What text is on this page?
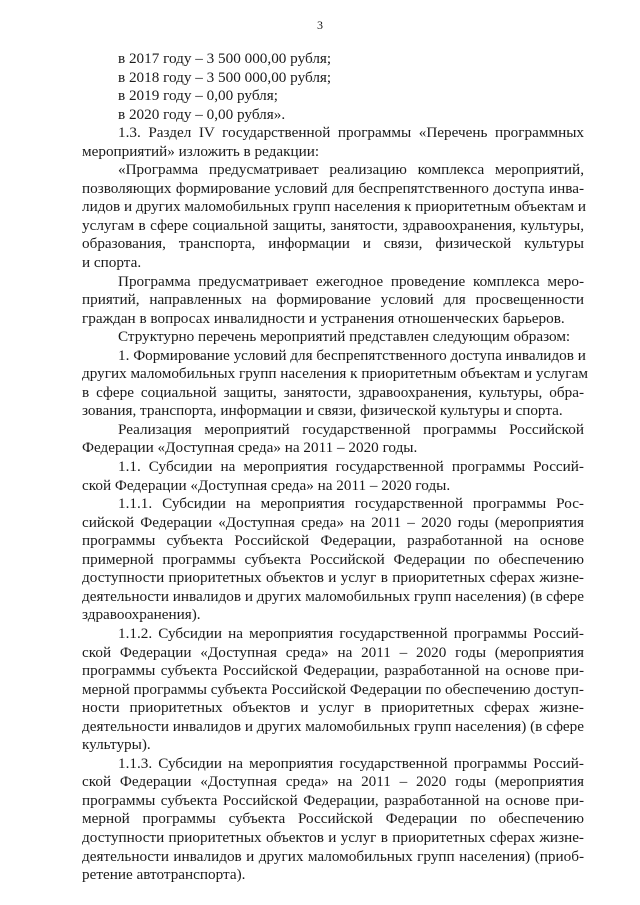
3
в 2017 году – 3 500 000,00 рубля;
в 2018 году – 3 500 000,00 рубля;
в 2019 году – 0,00 рубля;
в 2020 году – 0,00 рубля».
1.3. Раздел IV государственной программы «Перечень программных
мероприятий» изложить в редакции:
«Программа предусматривает реализацию комплекса мероприятий,
позволяющих формирование условий для беспрепятственного доступа инва-
лидов и других маломобильных групп населения к приоритетным объектам и
услугам в сфере социальной защиты, занятости, здравоохранения, культуры,
образования, транспорта, информации и связи, физической культуры
и спорта.
Программа предусматривает ежегодное проведение комплекса меро-
приятий, направленных на формирование условий для просвещенности
граждан в вопросах инвалидности и устранения отношенческих барьеров.
Структурно перечень мероприятий представлен следующим образом:
1. Формирование условий для беспрепятственного доступа инвалидов и
других маломобильных групп населения к приоритетным объектам и услугам
в сфере социальной защиты, занятости, здравоохранения, культуры, обра-
зования, транспорта, информации и связи, физической культуры и спорта.
Реализация мероприятий государственной программы Российской
Федерации «Доступная среда» на 2011 – 2020 годы.
1.1. Субсидии на мероприятия государственной программы Россий-
ской Федерации «Доступная среда» на 2011 – 2020 годы.
1.1.1. Субсидии на мероприятия государственной программы Рос-
сийской Федерации «Доступная среда» на 2011 – 2020 годы (мероприятия
программы субъекта Российской Федерации, разработанной на основе
примерной программы субъекта Российской Федерации по обеспечению
доступности приоритетных объектов и услуг в приоритетных сферах жизне-
деятельности инвалидов и других маломобильных групп населения) (в сфере
здравоохранения).
1.1.2. Субсидии на мероприятия государственной программы Россий-
ской Федерации «Доступная среда» на 2011 – 2020 годы (мероприятия
программы субъекта Российской Федерации, разработанной на основе при-
мерной программы субъекта Российской Федерации по обеспечению доступ-
ности приоритетных объектов и услуг в приоритетных сферах жизне-
деятельности инвалидов и других маломобильных групп населения) (в сфере
культуры).
1.1.3. Субсидии на мероприятия государственной программы Россий-
ской Федерации «Доступная среда» на 2011 – 2020 годы (мероприятия
программы субъекта Российской Федерации, разработанной на основе при-
мерной программы субъекта Российской Федерации по обеспечению
доступности приоритетных объектов и услуг в приоритетных сферах жизне-
деятельности инвалидов и других маломобильных групп населения) (приоб-
ретение автотранспорта).
